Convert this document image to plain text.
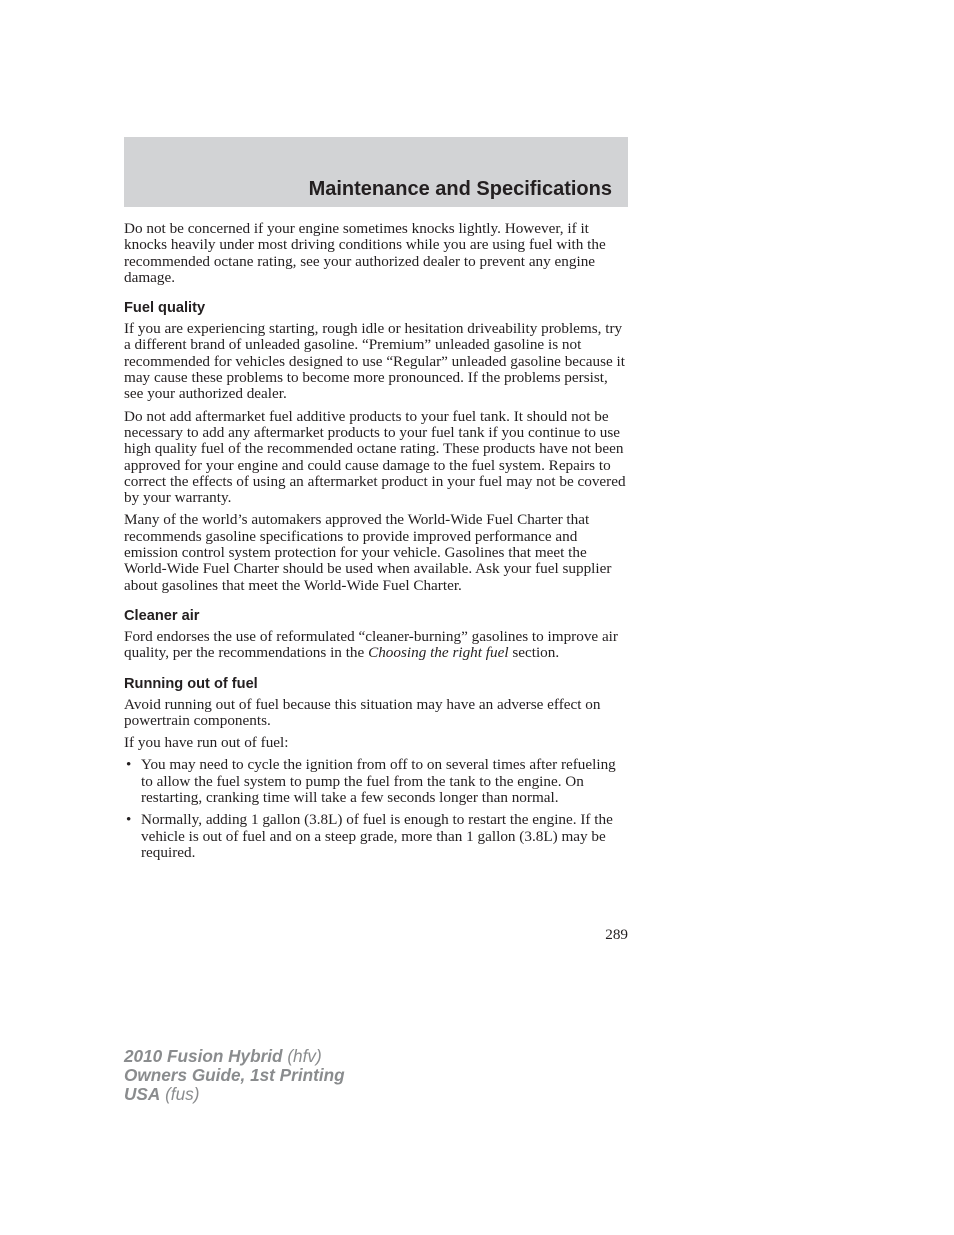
Maintenance and Specifications

Do not be concerned if your engine sometimes knocks lightly. However, if it knocks heavily under most driving conditions while you are using fuel with the recommended octane rating, see your authorized dealer to prevent any engine damage.

Fuel quality

If you are experiencing starting, rough idle or hesitation driveability problems, try a different brand of unleaded gasoline. “Premium” unleaded gasoline is not recommended for vehicles designed to use “Regular” unleaded gasoline because it may cause these problems to become more pronounced. If the problems persist, see your authorized dealer.

Do not add aftermarket fuel additive products to your fuel tank. It should not be necessary to add any aftermarket products to your fuel tank if you continue to use high quality fuel of the recommended octane rating. These products have not been approved for your engine and could cause damage to the fuel system. Repairs to correct the effects of using an aftermarket product in your fuel may not be covered by your warranty.

Many of the world’s automakers approved the World-Wide Fuel Charter that recommends gasoline specifications to provide improved performance and emission control system protection for your vehicle. Gasolines that meet the World-Wide Fuel Charter should be used when available. Ask your fuel supplier about gasolines that meet the World-Wide Fuel Charter.

Cleaner air

Ford endorses the use of reformulated “cleaner-burning” gasolines to improve air quality, per the recommendations in the Choosing the right fuel section.

Running out of fuel

Avoid running out of fuel because this situation may have an adverse effect on powertrain components.

If you have run out of fuel:

• You may need to cycle the ignition from off to on several times after refueling to allow the fuel system to pump the fuel from the tank to the engine. On restarting, cranking time will take a few seconds longer than normal.
• Normally, adding 1 gallon (3.8L) of fuel is enough to restart the engine. If the vehicle is out of fuel and on a steep grade, more than 1 gallon (3.8L) may be required.
289
2010 Fusion Hybrid (hfv)
Owners Guide, 1st Printing
USA (fus)
